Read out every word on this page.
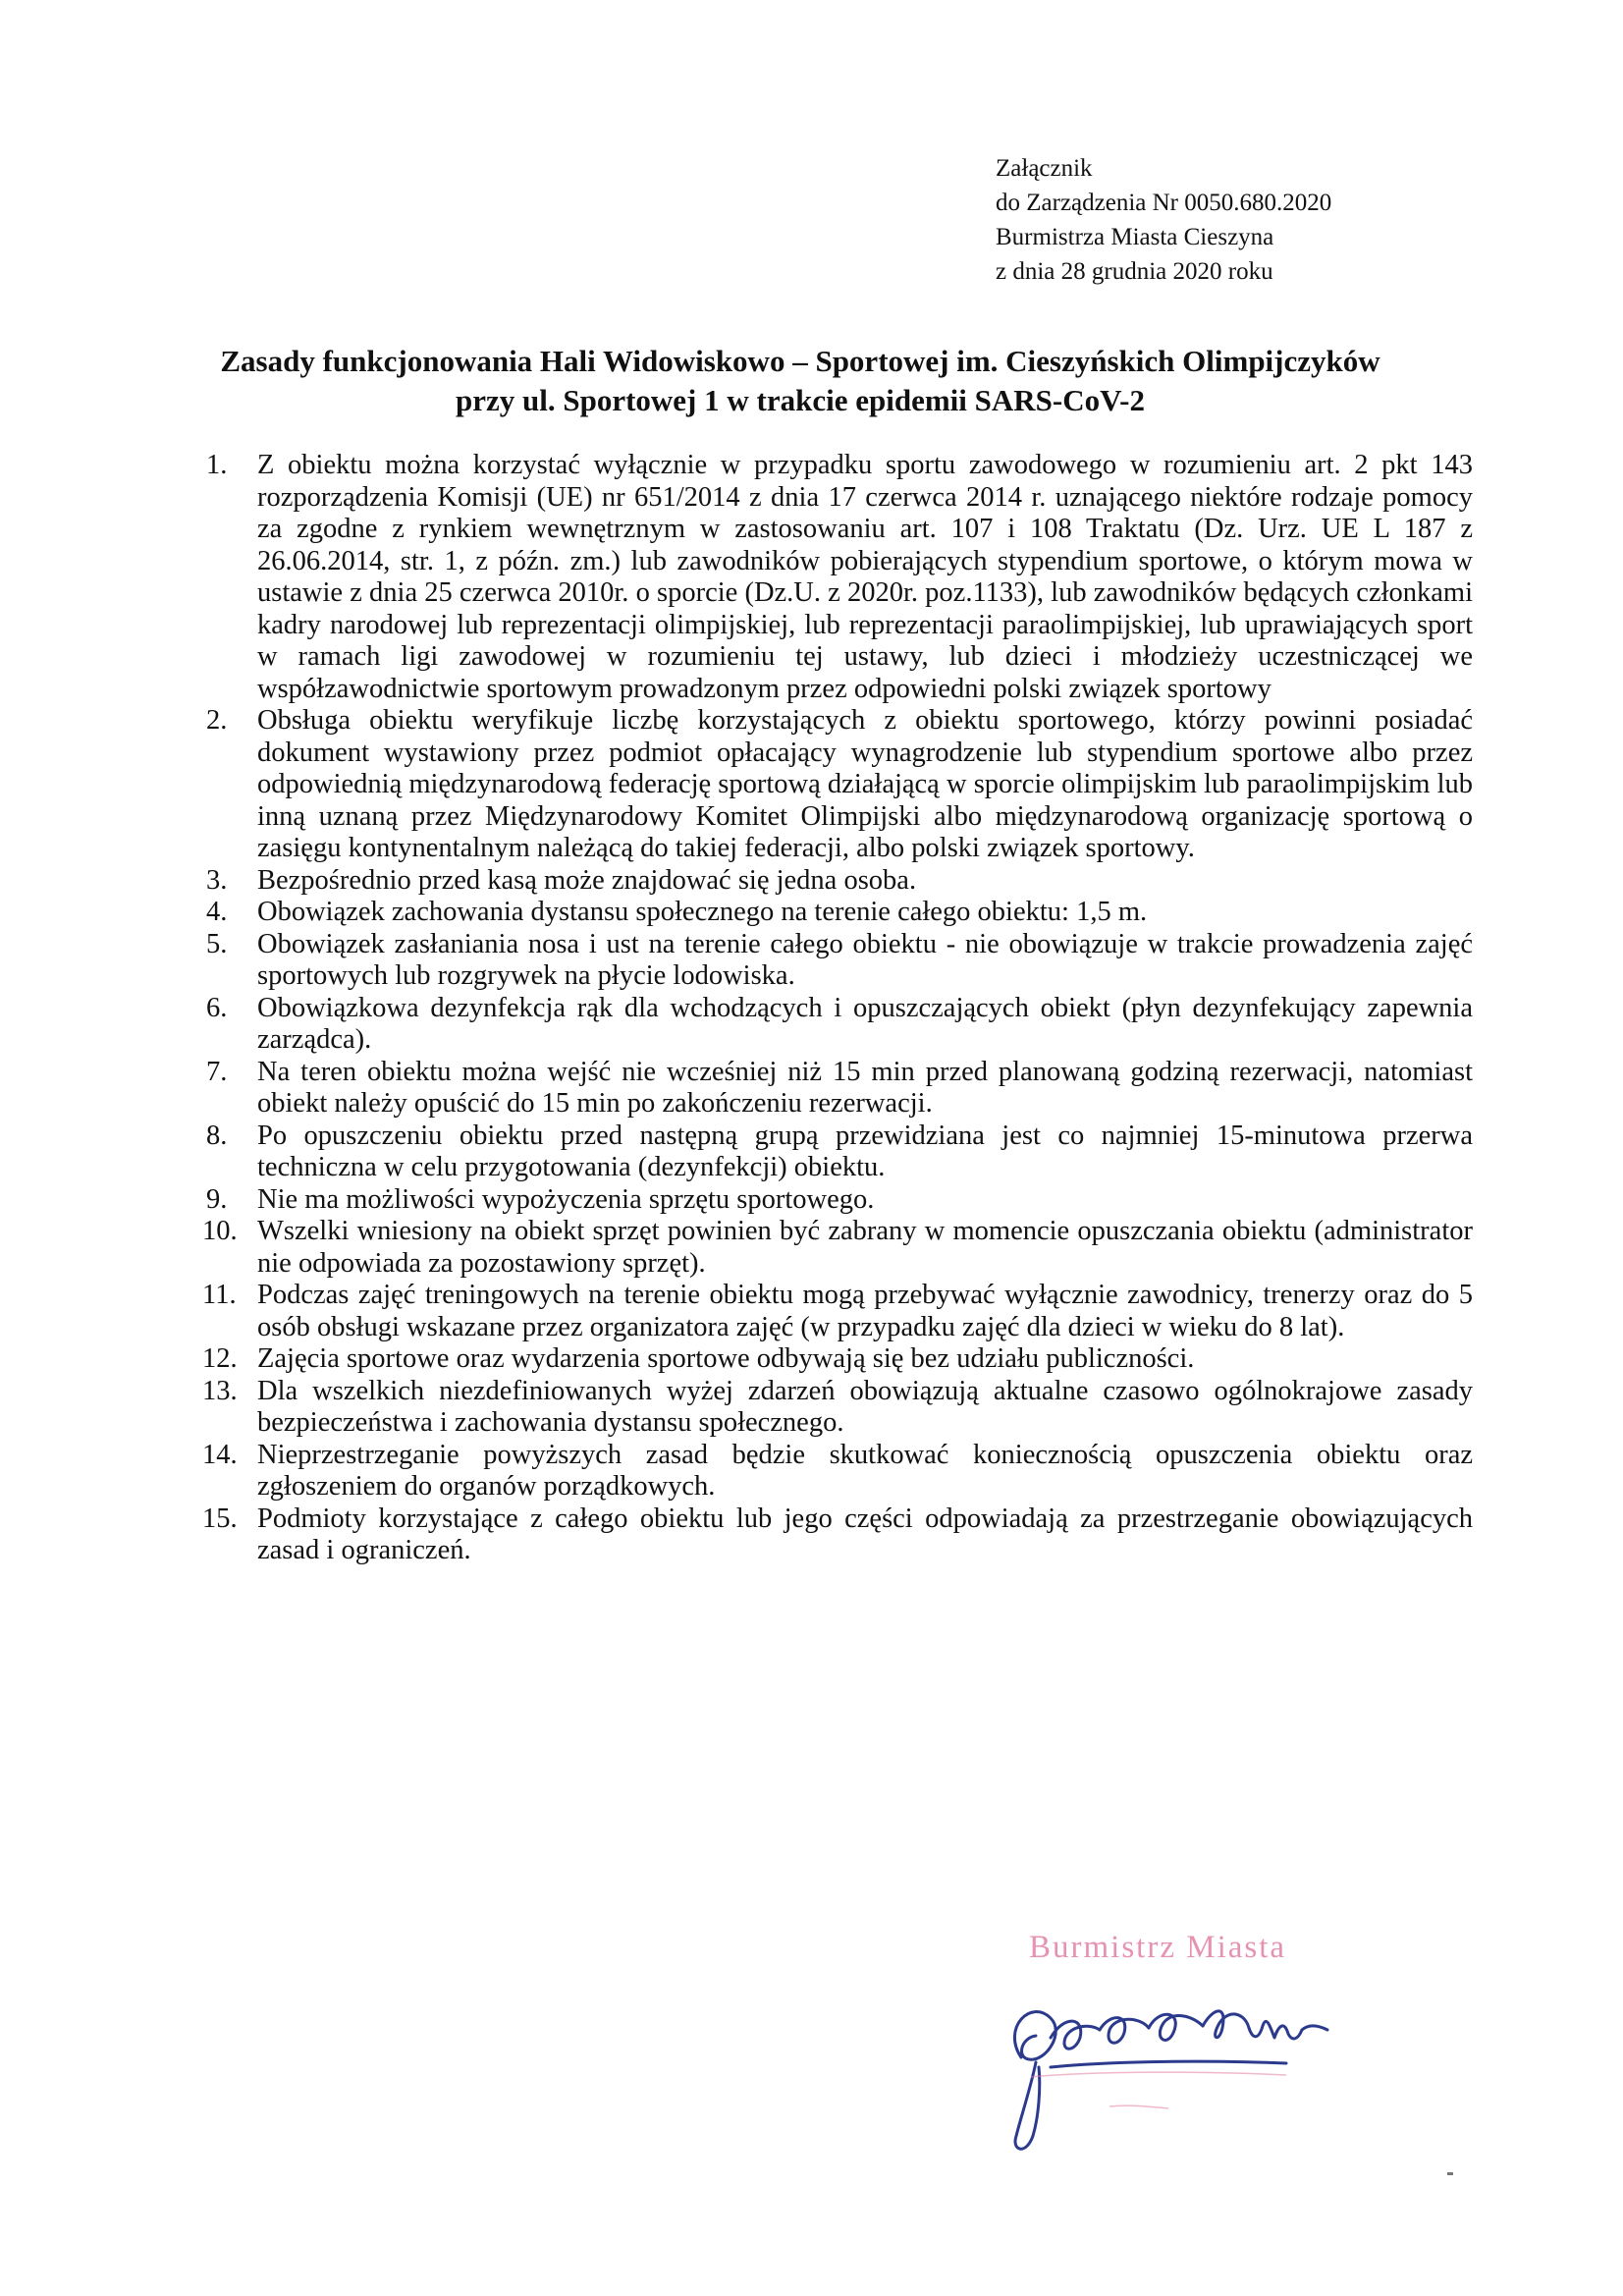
Załącznik
do Zarządzenia Nr 0050.680.2020
Burmistrza Miasta Cieszyna
z dnia 28 grudnia 2020 roku
Zasady funkcjonowania Hali Widowiskowo – Sportowej im. Cieszyńskich Olimpijczyków
przy ul. Sportowej 1 w trakcie epidemii SARS-CoV-2
1.	Z obiektu można korzystać wyłącznie w przypadku sportu zawodowego w rozumieniu art. 2 pkt 143 rozporządzenia Komisji (UE) nr 651/2014 z dnia 17 czerwca 2014 r. uznającego niektóre rodzaje pomocy za zgodne z rynkiem wewnętrznym w zastosowaniu art. 107 i 108 Traktatu (Dz. Urz. UE L 187 z 26.06.2014, str. 1, z późn. zm.) lub zawodników pobierających stypendium sportowe, o którym mowa w ustawie z dnia 25 czerwca 2010r. o sporcie (Dz.U. z 2020r. poz.1133), lub zawodników będących członkami kadry narodowej lub reprezentacji olimpijskiej, lub reprezentacji paraolimpijskiej, lub uprawiających sport w ramach ligi zawodowej w rozumieniu tej ustawy, lub dzieci i młodzieży uczestniczącej we współzawodnictwie sportowym prowadzonym przez odpowiedni polski związek sportowy
2.	Obsługa obiektu weryfikuje liczbę korzystających z obiektu sportowego, którzy powinni posiadać dokument wystawiony przez podmiot opłacający wynagrodzenie lub stypendium sportowe albo przez odpowiednią międzynarodową federację sportową działającą w sporcie olimpijskim lub paraolimpijskim lub inną uznaną przez Międzynarodowy Komitet Olimpijski albo międzynarodową organizację sportową o zasięgu kontynentalnym należącą do takiej federacji, albo polski związek sportowy.
3.	Bezpośrednio przed kasą może znajdować się jedna osoba.
4.	Obowiązek zachowania dystansu społecznego na terenie całego obiektu: 1,5 m.
5.	Obowiązek zasłaniania nosa i ust na terenie całego obiektu - nie obowiązuje w trakcie prowadzenia zajęć sportowych lub rozgrywek na płycie lodowiska.
6.	Obowiązkowa dezynfekcja rąk dla wchodzących i opuszczających obiekt (płyn dezynfekujący zapewnia zarządca).
7.	Na teren obiektu można wejść nie wcześniej niż 15 min przed planowaną godziną rezerwacji, natomiast obiekt należy opuścić do 15 min po zakończeniu rezerwacji.
8.	Po opuszczeniu obiektu przed następną grupą przewidziana jest co najmniej 15-minutowa przerwa techniczna w celu przygotowania (dezynfekcji) obiektu.
9.	Nie ma możliwości wypożyczenia sprzętu sportowego.
10. Wszelki wniesiony na obiekt sprzęt powinien być zabrany w momencie opuszczania obiektu (administrator nie odpowiada za pozostawiony sprzęt).
11. Podczas zajęć treningowych na terenie obiektu mogą przebywać wyłącznie zawodnicy, trenerzy oraz do 5 osób obsługi wskazane przez organizatora zajęć (w przypadku zajęć dla dzieci w wieku do 8 lat).
12. Zajęcia sportowe oraz wydarzenia sportowe odbywają się bez udziału publiczności.
13. Dla wszelkich niezdefiniowanych wyżej zdarzeń obowiązują aktualne czasowo ogólnokrajowe zasady bezpieczeństwa i zachowania dystansu społecznego.
14. Nieprzestrzeganie powyższych zasad będzie skutkować koniecznością opuszczenia obiektu oraz zgłoszeniem do organów porządkowych.
15. Podmioty korzystające z całego obiektu lub jego części odpowiadają za przestrzeganie obowiązujących zasad i ograniczeń.
Burmistrz Miasta
